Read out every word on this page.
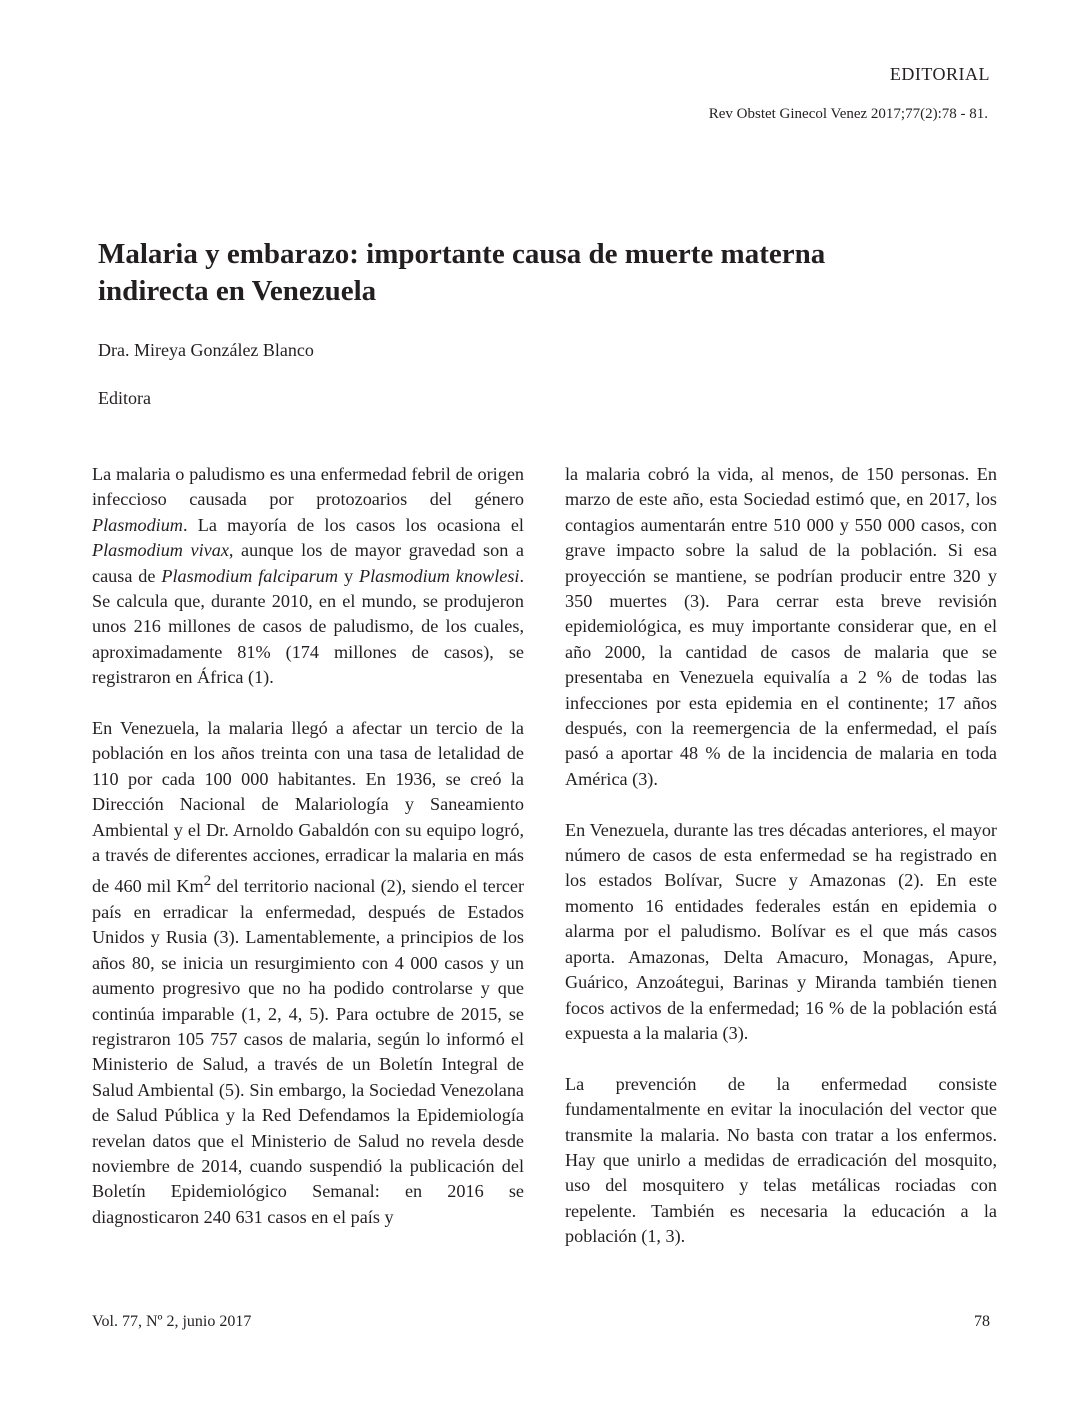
EDITORIAL
Rev Obstet Ginecol Venez 2017;77(2):78 - 81.
Malaria y embarazo: importante causa de muerte materna
indirecta en Venezuela
Dra. Mireya González Blanco
Editora

La malaria o paludismo es una enfermedad febril de origen infeccioso causada por protozoarios del género Plasmodium. La mayoría de los casos los ocasiona el Plasmodium vivax, aunque los de mayor gravedad son a causa de Plasmodium falciparum y Plasmodium knowlesi. Se calcula que, durante 2010, en el mundo, se produjeron unos 216 millones de casos de paludismo, de los cuales, aproximadamente 81% (174 millones de casos), se registraron en África (1).

En Venezuela, la malaria llegó a afectar un tercio de la población en los años treinta con una tasa de letalidad de 110 por cada 100 000 habitantes. En 1936, se creó la Dirección Nacional de Malariología y Saneamiento Ambiental y el Dr. Arnoldo Gabaldón con su equipo logró, a través de diferentes acciones, erradicar la malaria en más de 460 mil Km$^2$ del territorio nacional (2), siendo el tercer país en erradicar la enfermedad, después de Estados Unidos y Rusia (3). Lamentablemente, a principios de los años 80, se inicia un resurgimiento con 4 000 casos y un aumento progresivo que no ha podido controlarse y que continúa imparable (1, 2, 4, 5). Para octubre de 2015, se registraron 105 757 casos de malaria, según lo informó el Ministerio de Salud, a través de un Boletín Integral de Salud Ambiental (5). Sin embargo, la Sociedad Venezolana de Salud Pública y la Red Defendamos la Epidemiología revelan datos que el Ministerio de Salud no revela desde noviembre de 2014, cuando suspendió la publicación del Boletín Epidemiológico Semanal: en 2016 se diagnosticaron 240 631 casos en el país y

la malaria cobró la vida, al menos, de 150 personas. En marzo de este año, esta Sociedad estimó que, en 2017, los contagios aumentarán entre 510 000 y 550 000 casos, con grave impacto sobre la salud de la población. Si esa proyección se mantiene, se podrían producir entre 320 y 350 muertes (3). Para cerrar esta breve revisión epidemiológica, es muy importante considerar que, en el año 2000, la cantidad de casos de malaria que se presentaba en Venezuela equivalía a 2 % de todas las infecciones por esta epidemia en el continente; 17 años después, con la reemergencia de la enfermedad, el país pasó a aportar 48 % de la incidencia de malaria en toda América (3).

En Venezuela, durante las tres décadas anteriores, el mayor número de casos de esta enfermedad se ha registrado en los estados Bolívar, Sucre y Amazonas (2). En este momento 16 entidades federales están en epidemia o alarma por el paludismo. Bolívar es el que más casos aporta. Amazonas, Delta Amacuro, Monagas, Apure, Guárico, Anzoátegui, Barinas y Miranda también tienen focos activos de la enfermedad; 16 % de la población está expuesta a la malaria (3).

La prevención de la enfermedad consiste fundamentalmente en evitar la inoculación del vector que transmite la malaria. No basta con tratar a los enfermos. Hay que unirlo a medidas de erradicación del mosquito, uso del mosquitero y telas metálicas rociadas con repelente. También es necesaria la educación a la población (1, 3).

Vol. 77, Nº 2, junio 2017	78
